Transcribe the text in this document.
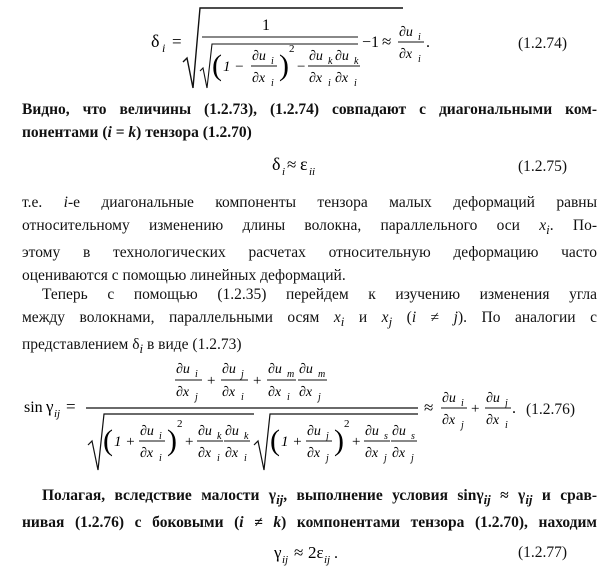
δ i =
1
( 1 −
∂u i
∂x i
) 2
−
∂u k
∂x i
∂u k
∂x i
−1 ≈ ∂u i
∂x i
.	(1.2.74)
Видно, что величины (1.2.73), (1.2.74) совпадают с диагональными ком-
понентами (i = k) тензора (1.2.70)
δ i ≈ ε ii	(1.2.75)
т.е. i-е диагональные компоненты тензора малых деформаций равны
относительному изменению длины волокна, параллельного оси $x_i$. По-
этому в технологических расчетах относительную деформацию часто
оцениваются с помощью линейных деформаций.
Теперь с помощью (1.2.35) перейдем к изучению изменения угла
между волокнами, параллельными осям $x_i$ и $x_j$ (i ≠ j). По аналогии с
представлением $\delta_i$ в виде (1.2.73)
sin γ ij =
∂u i
∂x j
+
∂u j
∂x i
+
∂u m
∂x i
∂u m
∂x j
( 1 +
∂u i
∂x i
) 2
+
∂u k
∂x i
∂u k
∂x i
( 1 +
∂u j
∂x j
) 2
+
∂u s
∂x j
∂u s
∂x j
≈ ∂u i
∂x j
+
∂u j
∂x i
. (1.2.76)
Полагая, вследствие малости $\gamma_{ij}$, выполнение условия $\sin\gamma_{ij} \approx \gamma_{ij}$ и срав-
нивая (1.2.76) с боковыми (i ≠ k) компонентами тензора (1.2.70), находим
γ ij ≈ 2ε ij .	(1.2.77)
